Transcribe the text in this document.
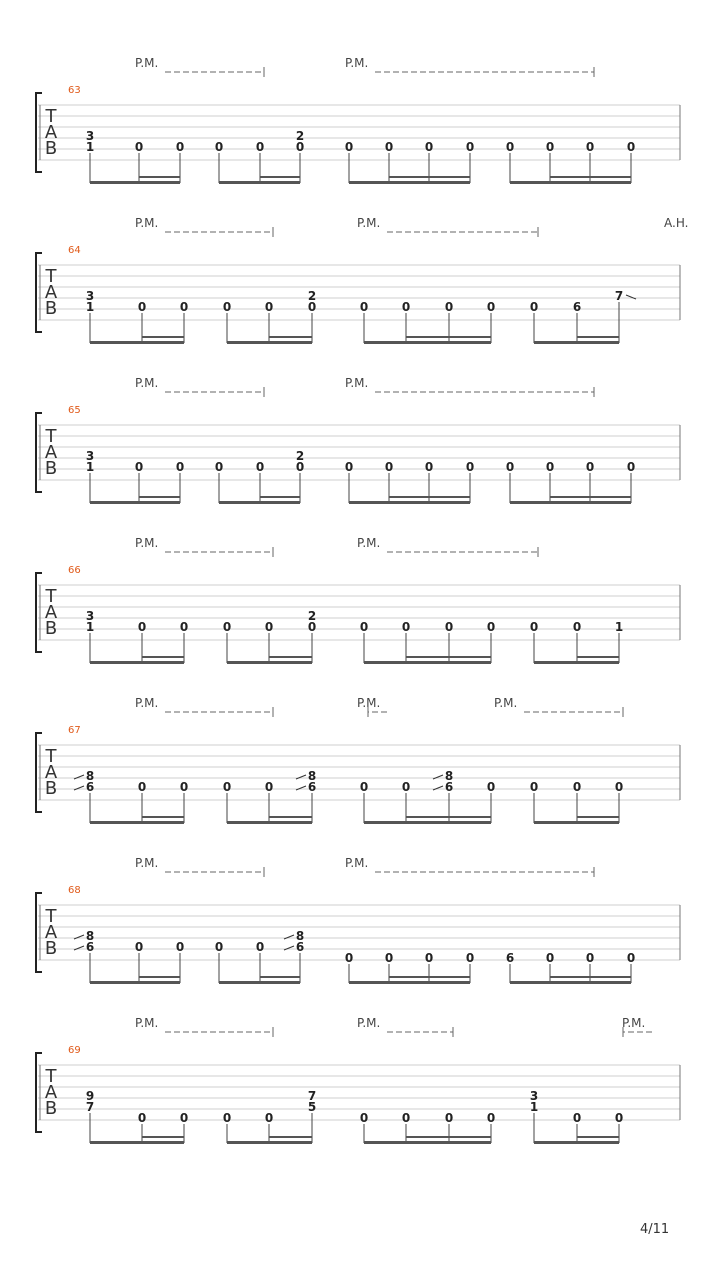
T
A
B
63
P.M.	P.M.
3
1	0	0	0	0
2
0	0	0	0	0	0	0	0	0
T
A
B
64
P.M.	P.M.	A.H.
3
1	0	0	0	0
2
0	0	0	0	0	0	6
7
T
A
B
65
P.M.	P.M.
3
1	0	0	0	0
2
0	0	0	0	0	0	0	0	0
T
A
B
66
P.M.	P.M.
3
1	0	0	0	0
2
0	0	0	0	0	0	0	1
T
A
B
67
P.M.	P.M.	P.M.
8
6	0	0	0	0
8
6	0	0
8
6	0	0	0	0
T
A
B
68
P.M.	P.M.
8
6	0	0	0	0
8
6
0	0	0	0	6	0	0	0
T
A
B
69
P.M.	P.M.	P.M.
9
7
0	0	0	0
7
5
0	0	0	0
3
1
0	0
4/11
